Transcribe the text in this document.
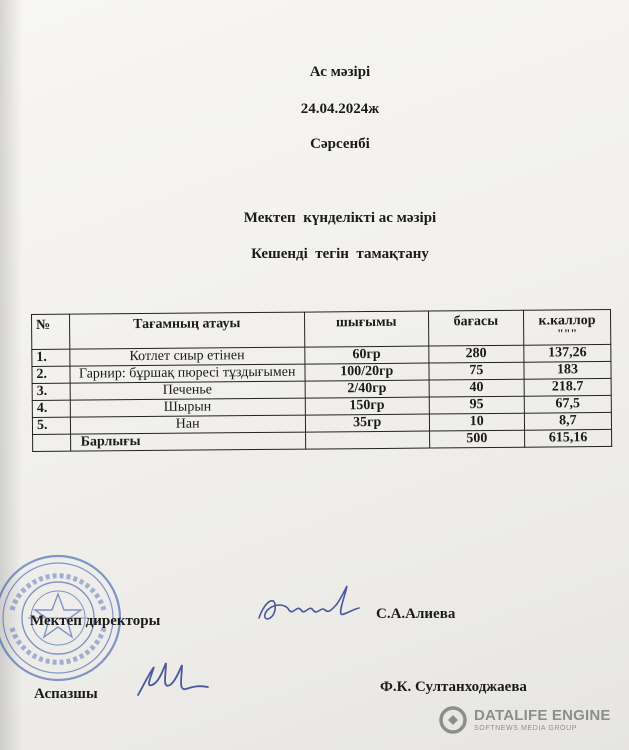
Ас мәзірі
24.04.2024ж
Сәрсенбі
Мектеп  күнделікті ас мәзірі
Кешенді  тегін  тамақтану
№	Тағамның атауы	шығымы	бағасы	к.каллор
"""

1.	Котлет сиыр етінен	60гр	280	137,26
2.	Гарнир: бұршақ пюресі тұздығымен	100/20гр	75	183
3.	Печенье	2/40гр	40	218.7
4.	Шырын	150гр	95	67,5
5.	Нан	35гр	10	8,7
	Барлығы		500	615,16
Мектеп директоры	С.А.Алиева
Аспазшы	Ф.К. Султанходжаева
DATALIFE ENGINE
SOFTNEWS MEDIA GROUP
